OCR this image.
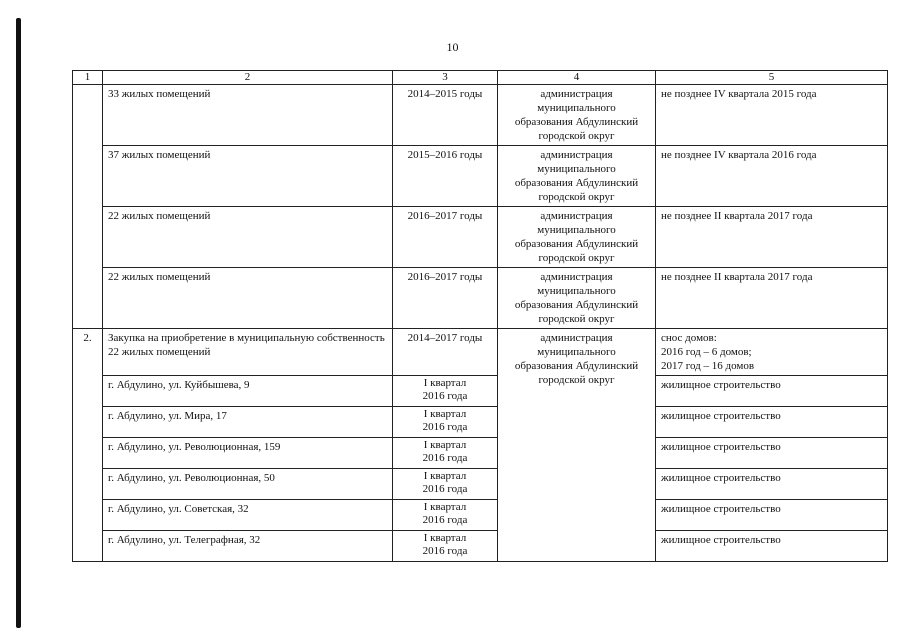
10
1	2	3	4	5
	33 жилых помещений	2014–2015 годы	администрация
муниципального
образования Абдулинский
городской округ	не позднее IV квартала 2015 года
	37 жилых помещений	2015–2016 годы	администрация
муниципального
образования Абдулинский
городской округ	не позднее IV квартала 2016 года
	22 жилых помещений	2016–2017 годы	администрация
муниципального
образования Абдулинский
городской округ	не позднее II квартала 2017 года
	22 жилых помещений	2016–2017 годы	администрация
муниципального
образования Абдулинский
городской округ	не позднее II квартала 2017 года
2.	Закупка на приобретение в муниципальную собственность 22 жилых помещений	2014–2017 годы	администрация
муниципального
образования Абдулинский
городской округ	снос домов:
2016 год – 6 домов;
2017 год – 16 домов

	г. Абдулино, ул. Куйбышева, 9	I квартал
2016 года		жилищное строительство
	г. Абдулино, ул. Мира, 17	I квартал
2016 года		жилищное строительство
	г. Абдулино, ул. Революционная, 159	I квартал
2016 года		жилищное строительство
	г. Абдулино, ул. Революционная, 50	I квартал
2016 года		жилищное строительство
	г. Абдулино, ул. Советская, 32	I квартал
2016 года		жилищное строительство
	г. Абдулино, ул. Телеграфная, 32	I квартал
2016 года		жилищное строительство
